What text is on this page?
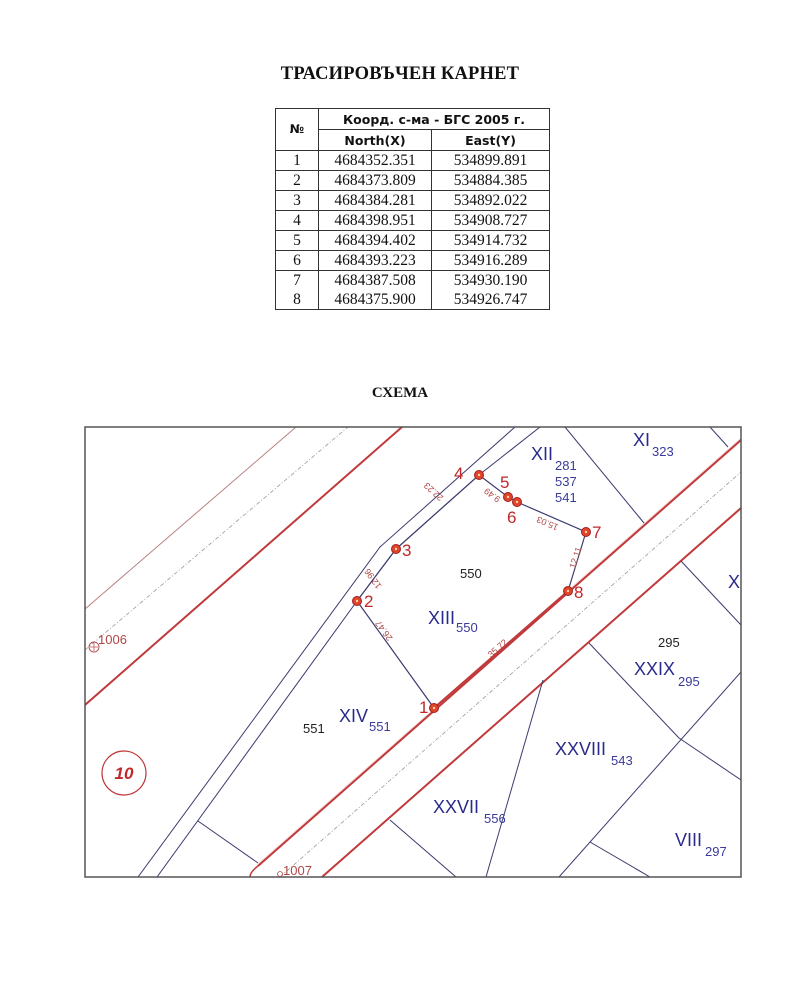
ТРАСИРОВЪЧЕН КАРНЕТ
№	Коорд. с-ма - БГС 2005 г.	
	North(X)	East(Y)
1	4684352.351	534899.891
2	4684373.809	534884.385
3	4684384.281	534892.022
4	4684398.951	534908.727
5	4684394.402	534914.732
6	4684393.223	534916.289
7	4684387.508	534930.190
8	4684375.900	534926.747
СХЕМА
1
2
3
4 5
6
7
8
26.47
12.96
22.23	9.49
15.03
12.11
35.72
550
551
295
XII
281
537
541
XI
323
XIII 550
XIV
551
XXIX
295
XXVIII
543
XXVII
556
VIII
297
X
10
1006
1007
